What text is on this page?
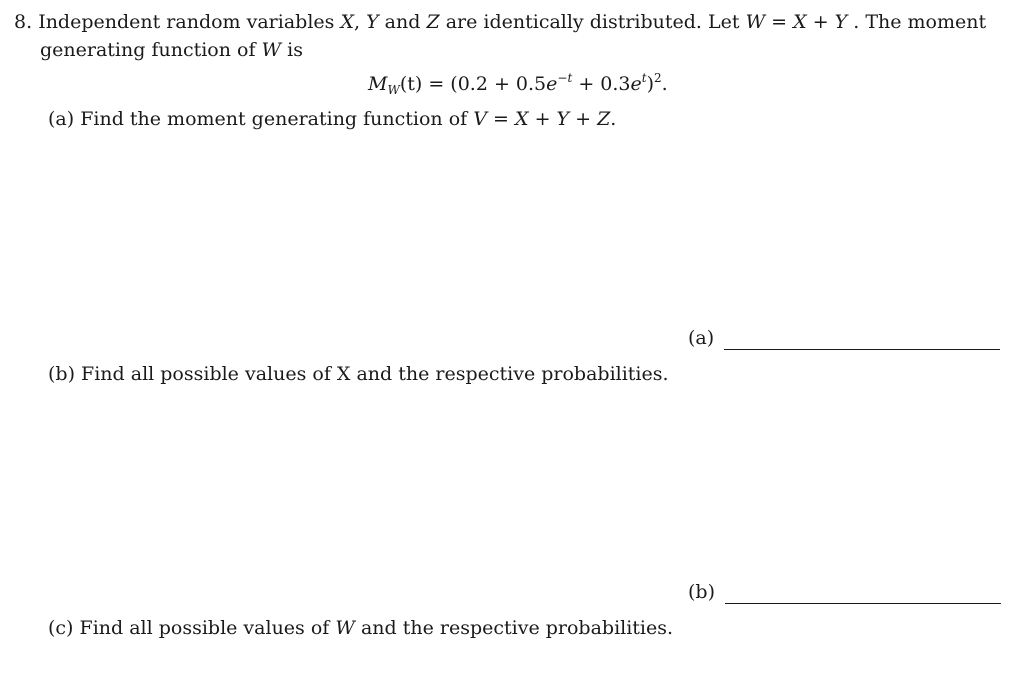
8. Independent random variables X, Y and Z are identically distributed. Let W = X + Y . The moment
generating function of W is
$M_W(t) = (0.2 + 0.5e^{-t} + 0.3e^t)^2$.
(a) Find the moment generating function of V = X + Y + Z.
(a)
(b) Find all possible values of X and the respective probabilities.
(b)
(c) Find all possible values of W and the respective probabilities.
